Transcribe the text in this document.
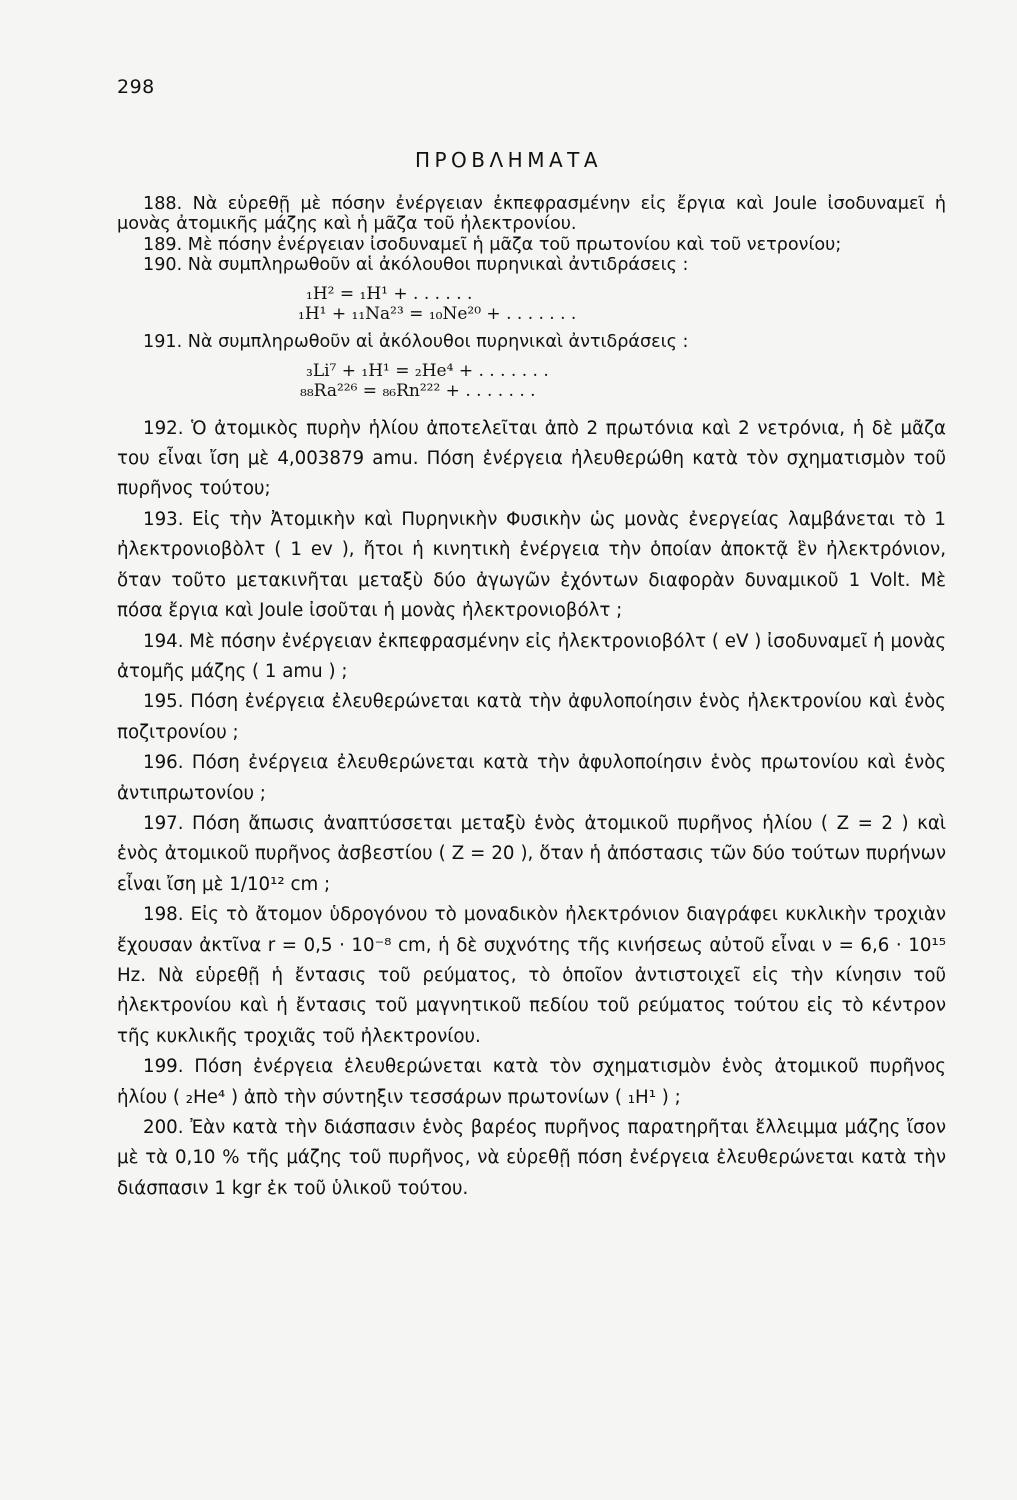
298
ΠΡΟΒΛΗΜΑΤΑ

188. Νὰ εὑρεθῇ μὲ πόσην ἐνέργειαν ἐκπεφρασμένην εἰς ἔργια καὶ Joule ἰσοδυναμεῖ ἡ μονὰς ἀτομικῆς μάζης καὶ ἡ μᾶζα τοῦ ἠλεκτρονίου.

189. Μὲ πόσην ἐνέργειαν ἰσοδυναμεῖ ἡ μᾶζα τοῦ πρωτονίου καὶ τοῦ νετρονίου;

190. Νὰ συμπληρωθοῦν αἱ ἀκόλουθοι πυρηνικαὶ ἀντιδράσεις :

₁H² = ₁H¹ + . . . . . .

₁H¹ + ₁₁Na²³ = ₁₀Ne²⁰ + . . . . . . .

191. Νὰ συμπληρωθοῦν αἱ ἀκόλουθοι πυρηνικαὶ ἀντιδράσεις :

₃Li⁷ + ₁H¹ = ₂He⁴ + . . . . . . .

₈₈Ra²²⁶ = ₈₆Rn²²² + . . . . . . .

192. Ὁ ἀτομικὸς πυρὴν ἡλίου ἀποτελεῖται ἀπὸ 2 πρωτόνια καὶ 2 νετρόνια, ἡ δὲ μᾶζα του εἶναι ἴση μὲ 4,003879 amu. Πόση ἐνέργεια ἠλευθερώθη κατὰ τὸν σχηματισμὸν τοῦ πυρῆνος τούτου;

193. Εἰς τὴν Ἀτομικὴν καὶ Πυρηνικὴν Φυσικὴν ὡς μονὰς ἐνεργείας λαμβάνεται τὸ 1 ἠλεκτρονιοβὸλτ ( 1 ev ), ἤτοι ἡ κινητικὴ ἐνέργεια τὴν ὁποίαν ἀποκτᾷ ἓν ἠλεκτρόνιον, ὅταν τοῦτο μετακινῆται μεταξὺ δύο ἀγωγῶν ἐχόντων διαφορὰν δυναμικοῦ 1 Volt. Μὲ πόσα ἔργια καὶ Joule ἰσοῦται ἡ μονὰς ἠλεκτρονιοβόλτ ;

194. Μὲ πόσην ἐνέργειαν ἐκπεφρασμένην εἰς ἠλεκτρονιοβόλτ ( eV ) ἰσοδυναμεῖ ἡ μονὰς ἀτομῆς μάζης ( 1 amu ) ;

195. Πόση ἐνέργεια ἐλευθερώνεται κατὰ τὴν ἀφυλοποίησιν ἑνὸς ἠλεκτρονίου καὶ ἑνὸς ποζιτρονίου ;

196. Πόση ἐνέργεια ἐλευθερώνεται κατὰ τὴν ἀφυλοποίησιν ἑνὸς πρωτονίου καὶ ἑνὸς ἀντιπρωτονίου ;

197. Πόση ἄπωσις ἀναπτύσσεται μεταξὺ ἑνὸς ἀτομικοῦ πυρῆνος ἡλίου ( Z = 2 ) καὶ ἑνὸς ἀτομικοῦ πυρῆνος ἀσβεστίου ( Z = 20 ), ὅταν ἡ ἀπόστασις τῶν δύο τούτων πυρήνων εἶναι ἴση μὲ 1/10¹² cm ;

198. Εἰς τὸ ἄτομον ὑδρογόνου τὸ μοναδικὸν ἠλεκτρόνιον διαγράφει κυκλικὴν τροχιὰν ἔχουσαν ἀκτῖνα r = 0,5 · 10⁻⁸ cm, ἡ δὲ συχνότης τῆς κινήσεως αὐτοῦ εἶναι ν = 6,6 · 10¹⁵ Hz. Νὰ εὑρεθῇ ἡ ἔντασις τοῦ ρεύματος, τὸ ὁποῖον ἀντιστοιχεῖ εἰς τὴν κίνησιν τοῦ ἠλεκτρονίου καὶ ἡ ἔντασις τοῦ μαγνητικοῦ πεδίου τοῦ ρεύματος τούτου εἰς τὸ κέντρον τῆς κυκλικῆς τροχιᾶς τοῦ ἠλεκτρονίου.

199. Πόση ἐνέργεια ἐλευθερώνεται κατὰ τὸν σχηματισμὸν ἑνὸς ἀτομικοῦ πυρῆνος ἡλίου ( ₂He⁴ ) ἀπὸ τὴν σύντηξιν τεσσάρων πρωτονίων ( ₁H¹ ) ;

200. Ἐὰν κατὰ τὴν διάσπασιν ἑνὸς βαρέος πυρῆνος παρατηρῆται ἔλλειμμα μάζης ἴσον μὲ τὰ 0,10 % τῆς μάζης τοῦ πυρῆνος, νὰ εὑρεθῇ πόση ἐνέργεια ἐλευθερώνεται κατὰ τὴν διάσπασιν 1 kgr ἐκ τοῦ ὑλικοῦ τούτου.
